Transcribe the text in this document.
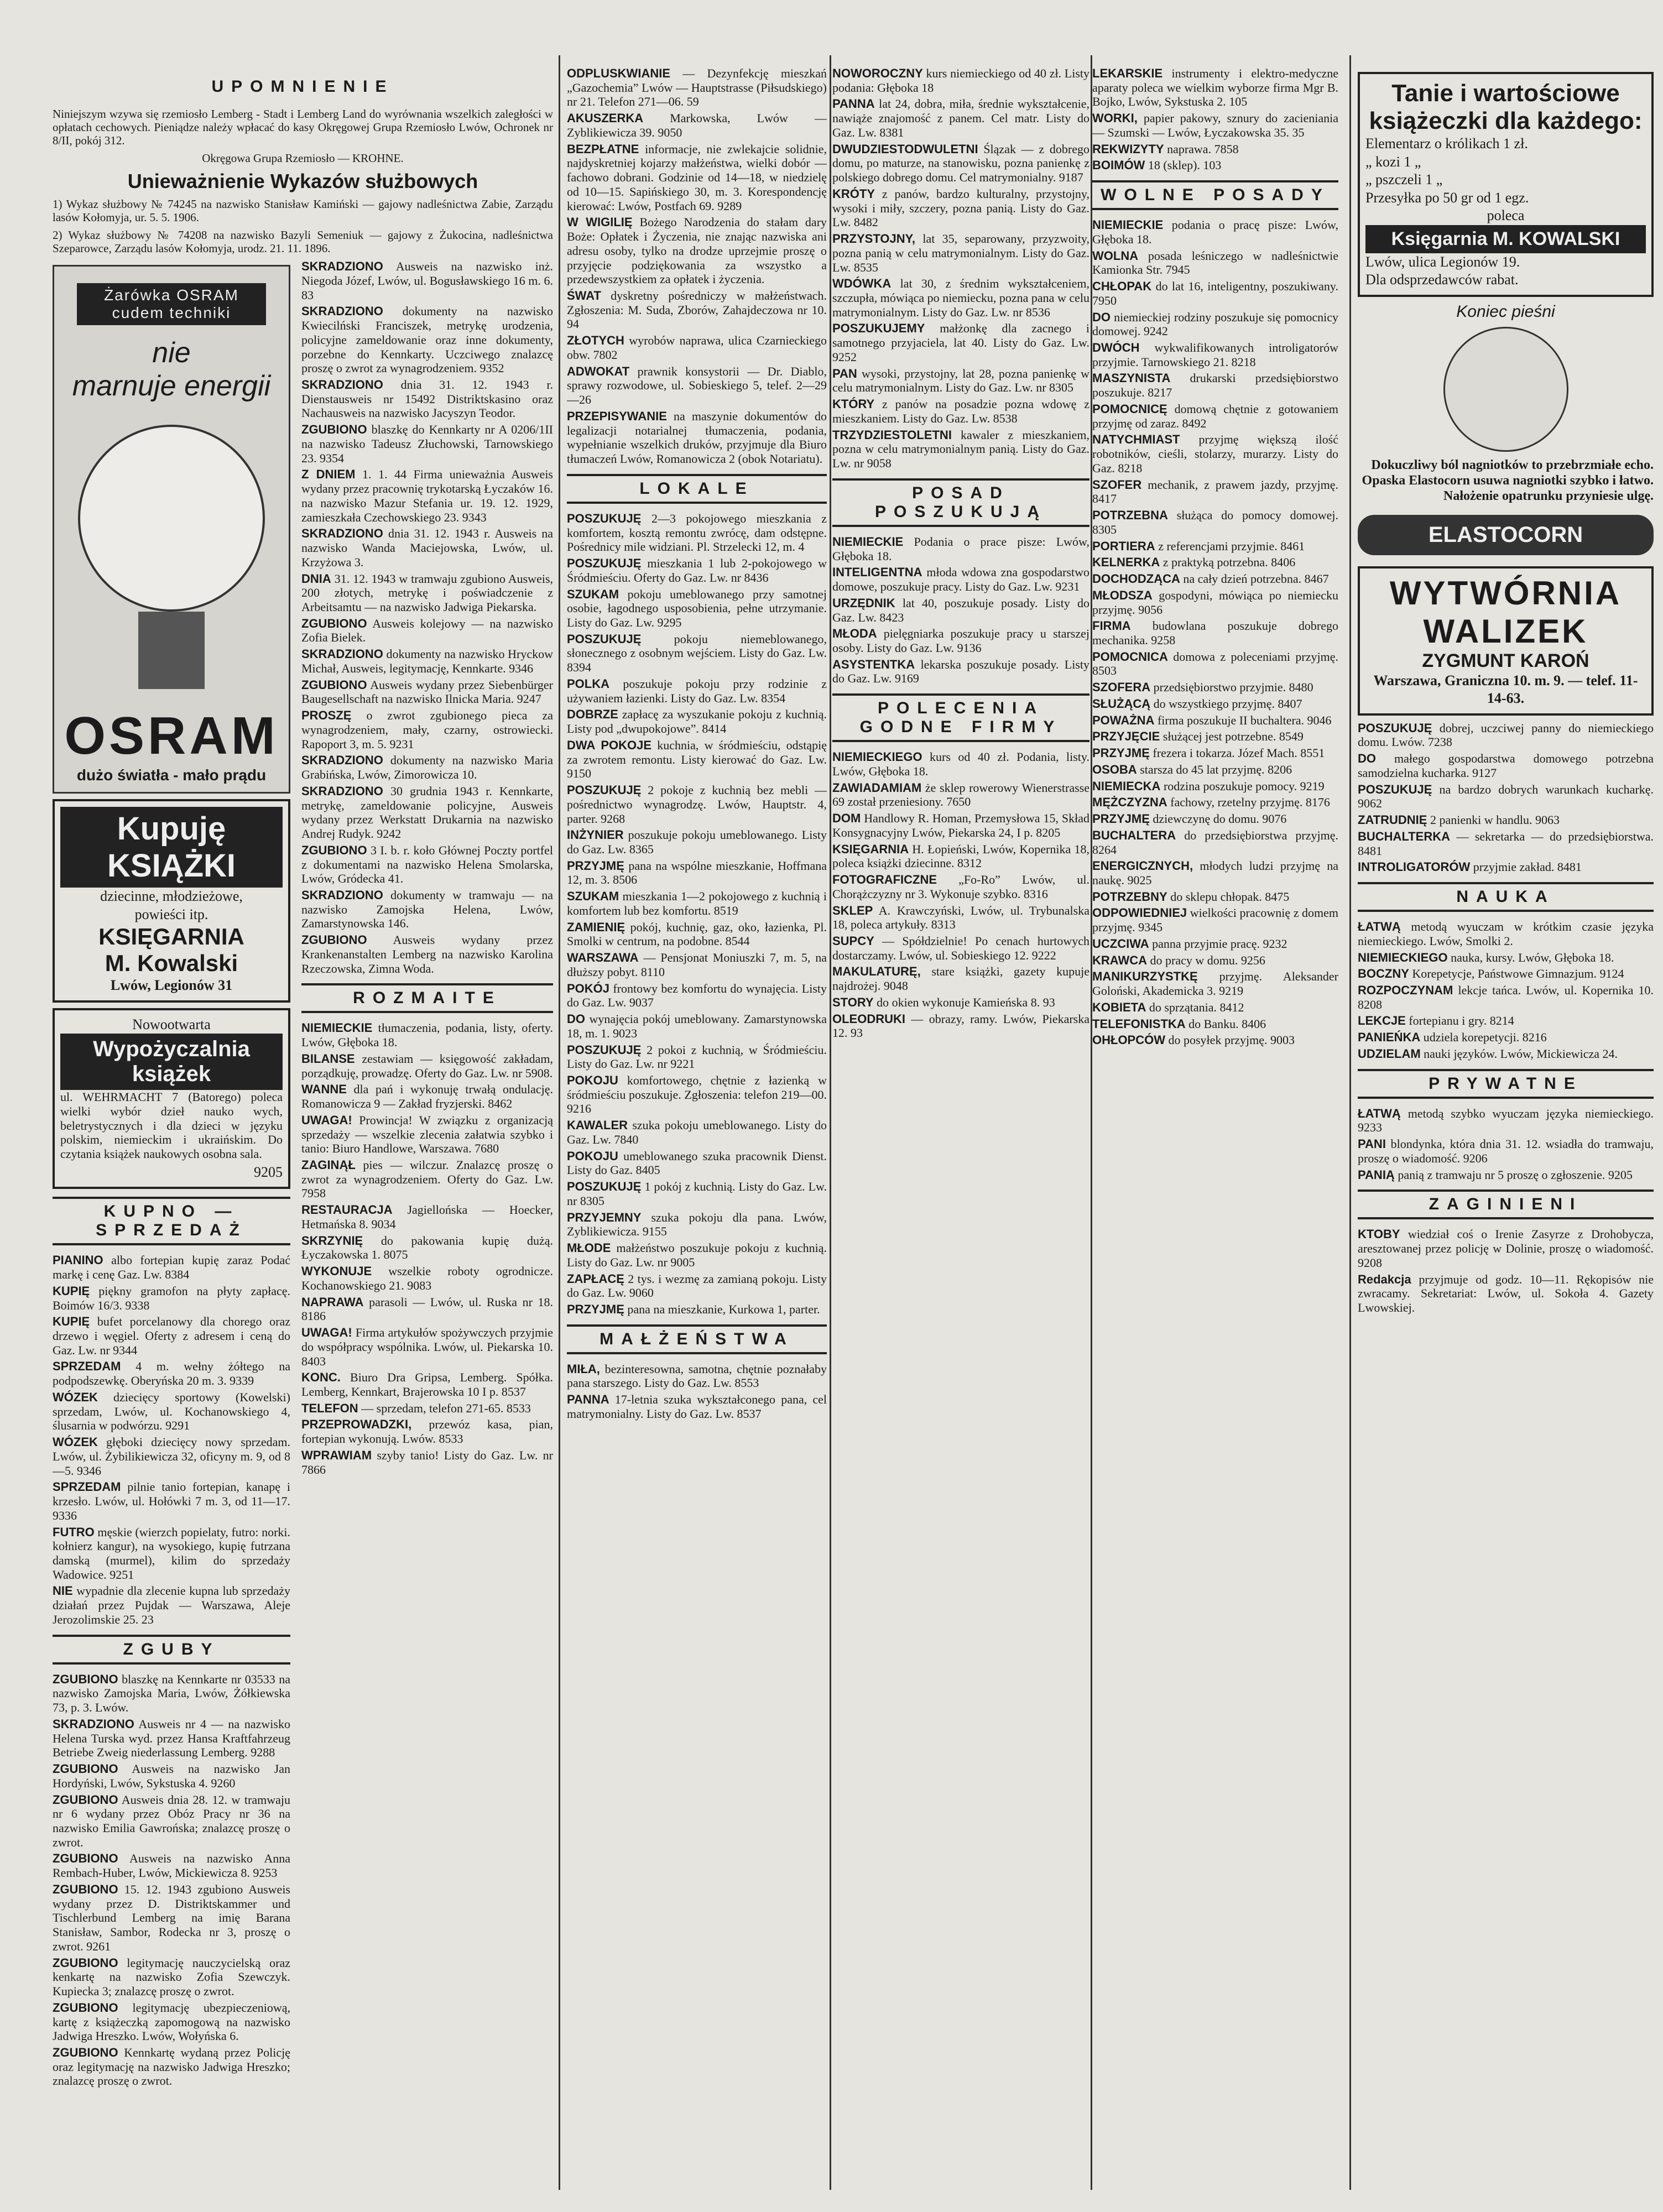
UPOMNIENIE

Niniejszym wzywa się rzemiosło Lemberg - Stadt i Lemberg Land do wyrównania wszelkich zaległości w opłatach cechowych. Pieniądze należy wpłacać do kasy Okręgowej Grupa Rzemiosło Lwów, Ochronek nr 8/II, pokój 312.

Okręgowa Grupa Rzemiosło — KROHNE.

Unieważnienie Wykazów służbowych

1) Wykaz służbowy № 74245 na nazwisko Stanisław Kamiński — gajowy nadleśnictwa Zabie, Zarządu lasów Kołomyja, ur. 5. 5. 1906.

2) Wykaz służbowy № 74208 na nazwisko Bazyli Semeniuk — gajowy z Żukocina, nadleśnictwa Szeparowce, Zarządu lasów Kołomyja, urodz. 21. 11. 1896.

Żarówka OSRAM cudem techniki
nie
marnuje energii
OSRAM
dużo światła - mało prądu
Kupuję KSIĄŻKI
dziecinne, młodzieżowe,
powieści itp.
KSIĘGARNIA
M. Kowalski
Lwów, Legionów 31
Nowootwarta
Wypożyczalnia książek

ul. WEHRMACHT 7 (Batorego) poleca wielki wybór dzieł nauko wych, beletrystycznych i dla dzieci w języku polskim, niemieckim i ukraińskim. Do czytania książek naukowych osobna sala.

9205
KUPNO — SPRZEDAŻ

PIANINO albo fortepian kupię zaraz Podać markę i cenę Gaz. Lw. 8384

KUPIĘ piękny gramofon na płyty zapłacę. Boimów 16/3. 9338

KUPIĘ bufet porcelanowy dla chorego oraz drzewo i węgiel. Oferty z adresem i ceną do Gaz. Lw. nr 9344

SPRZEDAM 4 m. wełny żółtego na podpodszewkę. Oberyńska 20 m. 3. 9339

WÓZEK dziecięcy sportowy (Kowelski) sprzedam, Lwów, ul. Kochanowskiego 4, ślusarnia w podwórzu. 9291

WÓZEK głęboki dziecięcy nowy sprzedam. Lwów, ul. Żybilikiewicza 32, oficyny m. 9, od 8—5. 9346

SPRZEDAM pilnie tanio fortepian, kanapę i krzesło. Lwów, ul. Hołówki 7 m. 3, od 11—17. 9336

FUTRO męskie (wierzch popielaty, futro: norki. kołnierz kangur), na wysokiego, kupię futrzana damską (murmel), kilim do sprzedaży Wadowice. 9251

NIE wypadnie dla zlecenie kupna lub sprzedaży działań przez Pujdak — Warszawa, Aleje Jerozolimskie 25. 23

ZGUBY

ZGUBIONO blaszkę na Kennkarte nr 03533 na nazwisko Zamojska Maria, Lwów, Żółkiewska 73, p. 3. Lwów.

SKRADZIONO Ausweis nr 4 — na nazwisko Helena Turska wyd. przez Hansa Kraftfahrzeug Betriebe Zweig niederlassung Lemberg. 9288

ZGUBIONO Ausweis na nazwisko Jan Hordyński, Lwów, Sykstuska 4. 9260

ZGUBIONO Ausweis dnia 28. 12. w tramwaju nr 6 wydany przez Obóz Pracy nr 36 na nazwisko Emilia Gawrońska; znalazcę proszę o zwrot.

ZGUBIONO Ausweis na nazwisko Anna Rembach-Huber, Lwów, Mickiewicza 8. 9253

ZGUBIONO 15. 12. 1943 zgubiono Ausweis wydany przez D. Distriktskammer und Tischlerbund Lemberg na imię Barana Stanisław, Sambor, Rodecka nr 3, proszę o zwrot. 9261

ZGUBIONO legitymację nauczycielską oraz kenkartę na nazwisko Zofia Szewczyk. Kupiecka 3; znalazcę proszę o zwrot.

ZGUBIONO legitymację ubezpieczeniową, kartę z książeczką zapomogową na nazwisko Jadwiga Hreszko. Lwów, Wołyńska 6.

ZGUBIONO Kennkartę wydaną przez Policję oraz legitymację na nazwisko Jadwiga Hreszko; znalazcę proszę o zwrot.

SKRADZIONO Ausweis na nazwisko inż. Niegoda Józef, Lwów, ul. Bogusławskiego 16 m. 6. 83

SKRADZIONO dokumenty na nazwisko Kwiecilński Franciszek, metrykę urodzenia, policyjne zameldowanie oraz inne dokumenty, porzebne do Kennkarty. Uczciwego znalazcę proszę o zwrot za wynagrodzeniem. 9352

SKRADZIONO dnia 31. 12. 1943 r. Dienstausweis nr 15492 Distriktskasino oraz Nachausweis na nazwisko Jacyszyn Teodor.

ZGUBIONO blaszkę do Kennkarty nr A 0206/1II na nazwisko Tadeusz Złuchowski, Tarnowskiego 23. 9354

Z DNIEM 1. 1. 44 Firma unieważnia Ausweis wydany przez pracownię trykotarską Łyczaków 16. na nazwisko Mazur Stefania ur. 19. 12. 1929, zamieszkała Czechowskiego 23. 9343

SKRADZIONO dnia 31. 12. 1943 r. Ausweis na nazwisko Wanda Maciejowska, Lwów, ul. Krzyżowa 3.

DNIA 31. 12. 1943 w tramwaju zgubiono Ausweis, 200 złotych, metrykę i poświadczenie z Arbeitsamtu — na nazwisko Jadwiga Piekarska.

ZGUBIONO Ausweis kolejowy — na nazwisko Zofia Bielek.

SKRADZIONO dokumenty na nazwisko Hryckow Michał, Ausweis, legitymację, Kennkarte. 9346

ZGUBIONO Ausweis wydany przez Siebenbürger Baugesellschaft na nazwisko Ilnicka Maria. 9247

PROSZĘ o zwrot zgubionego pieca za wynagrodzeniem, mały, czarny, ostrowiecki. Rapoport 3, m. 5. 9231

SKRADZIONO dokumenty na nazwisko Maria Grabińska, Lwów, Zimorowicza 10.

SKRADZIONO 30 grudnia 1943 r. Kennkarte, metrykę, zameldowanie policyjne, Ausweis wydany przez Werkstatt Drukarnia na nazwisko Andrej Rudyk. 9242

ZGUBIONO 3 I. b. r. koło Głównej Poczty portfel z dokumentami na nazwisko Helena Smolarska, Lwów, Gródecka 41.

SKRADZIONO dokumenty w tramwaju — na nazwisko Zamojska Helena, Lwów, Zamarstynowska 146.

ZGUBIONO Ausweis wydany przez Krankenanstalten Lemberg na nazwisko Karolina Rzeczowska, Zimna Woda.

ROZMAITE

NIEMIECKIE tłumaczenia, podania, listy, oferty. Lwów, Głęboka 18.

BILANSE zestawiam — księgowość zakładam, porządkuję, prowadzę. Oferty do Gaz. Lw. nr 5908.

WANNE dla pań i wykonuję trwałą ondulację. Romanowicza 9 — Zakład fryzjerski. 8462

UWAGA! Prowincja! W związku z organizacją sprzedaży — wszelkie zlecenia załatwia szybko i tanio: Biuro Handlowe, Warszawa. 7680

ZAGINĄŁ pies — wilczur. Znalazcę proszę o zwrot za wynagrodzeniem. Oferty do Gaz. Lw. 7958

RESTAURACJA Jagiellońska — Hoecker, Hetmańska 8. 9034

SKRZYNIĘ do pakowania kupię dużą. Łyczakowska 1. 8075

WYKONUJE wszelkie roboty ogrodnicze. Kochanowskiego 21. 9083

NAPRAWA parasoli — Lwów, ul. Ruska nr 18. 8186

UWAGA! Firma artykułów spożywczych przyjmie do współpracy wspólnika. Lwów, ul. Piekarska 10. 8403

KONC. Biuro Dra Gripsa, Lemberg. Spółka. Lemberg, Kennkart, Brajerowska 10 I p. 8537

TELEFON — sprzedam, telefon 271-65. 8533

PRZEPROWADZKI, przewóz kasa, pian, fortepian wykonują. Lwów. 8533

WPRAWIAM szyby tanio! Listy do Gaz. Lw. nr 7866

ODPLUSKWIANIE — Dezynfekcję mieszkań „Gazochemia” Lwów — Hauptstrasse (Piłsudskiego) nr 21. Telefon 271—06. 59

AKUSZERKA Markowska, Lwów — Zyblikiewicza 39. 9050

BEZPŁATNE informacje, nie zwlekajcie solidnie, najdyskretniej kojarzy małżeństwa, wielki dobór — fachowo dobrani. Godzinie od 14—18, w niedzielę od 10—15. Sapińskiego 30, m. 3. Korespondencję kierować: Lwów, Postfach 69. 9289

W WIGILIĘ Bożego Narodzenia do stałam dary Boże: Opłatek i Życzenia, nie znając nazwiska ani adresu osoby, tylko na drodze uprzejmie proszę o przyjęcie podziękowania za wszystko a przedewszystkiem za opłatek i życzenia.

ŚWAT dyskretny pośredniczy w małżeństwach. Zgłoszenia: M. Suda, Zborów, Zahajdeczowa nr 10. 94

ZŁOTYCH wyrobów naprawa, ulica Czarnieckiego obw. 7802

ADWOKAT prawnik konsystorii — Dr. Diablo, sprawy rozwodowe, ul. Sobieskiego 5, telef. 2—29—26

PRZEPISYWANIE na maszynie dokumentów do legalizacji notarialnej tłumaczenia, podania, wypełnianie wszelkich druków, przyjmuje dla Biuro tłumaczeń Lwów, Romanowicza 2 (obok Notariatu).

LOKALE

POSZUKUJĘ 2—3 pokojowego mieszkania z komfortem, kosztą remontu zwrócę, dam odstępne. Pośrednicy mile widziani. Pl. Strzelecki 12, m. 4

POSZUKUJĘ mieszkania 1 lub 2-pokojowego w Śródmieściu. Oferty do Gaz. Lw. nr 8436

SZUKAM pokoju umeblowanego przy samotnej osobie, łagodnego usposobienia, pełne utrzymanie. Listy do Gaz. Lw. 9295

POSZUKUJĘ	pokoju niemeblowanego, słonecznego z osobnym wejściem. Listy do Gaz. Lw. 8394

POLKA poszukuje pokoju przy rodzinie z używaniem łazienki. Listy do Gaz. Lw. 8354

DOBRZE zapłacę za wyszukanie pokoju z kuchnią. Listy pod „dwupokojowe”. 8414

DWA POKOJE kuchnia, w śródmieściu, odstąpię za zwrotem remontu. Listy kierować do Gaz. Lw. 9150

POSZUKUJĘ 2 pokoje z kuchnią bez mebli — pośrednictwo wynagrodzę. Lwów, Hauptstr. 4, parter. 9268

INŻYNIER poszukuje pokoju umeblowanego. Listy do Gaz. Lw. 8365

PRZYJMĘ pana na wspólne mieszkanie, Hoffmana 12, m. 3. 8506

SZUKAM mieszkania 1—2 pokojowego z kuchnią i komfortem lub bez komfortu. 8519

ZAMIENIĘ pokój, kuchnię, gaz, oko, łazienka, Pl. Smolki w centrum, na podobne. 8544

WARSZAWA — Pensjonat Moniuszki 7, m. 5, na dłuższy pobyt. 8110

POKÓJ frontowy bez komfortu do wynajęcia. Listy do Gaz. Lw. 9037

DO wynajęcia pokój umeblowany. Zamarstynowska 18, m. 1. 9023

POSZUKUJĘ 2 pokoi z kuchnią, w Śródmieściu. Listy do Gaz. Lw. nr 9221

POKOJU komfortowego, chętnie z łazienką w śródmieściu poszukuje. Zgłoszenia: telefon 219—00. 9216

KAWALER szuka pokoju umeblowanego. Listy do Gaz. Lw. 7840

POKOJU umeblowanego szuka pracownik Dienst. Listy do Gaz. 8405

POSZUKUJĘ 1 pokój z kuchnią. Listy do Gaz. Lw. nr 8305

PRZYJEMNY szuka pokoju dla pana. Lwów, Zyblikiewicza. 9155

MŁODE małżeństwo poszukuje pokoju z kuchnią. Listy do Gaz. Lw. nr 9005

ZAPŁACĘ 2 tys. i wezmę za zamianą pokoju. Listy do Gaz. Lw. 9060

PRZYJMĘ pana na mieszkanie, Kurkowa 1, parter.

MAŁŻEŃSTWA

MIŁA, bezinteresowna, samotna, chętnie poznałaby pana starszego. Listy do Gaz. Lw. 8553

PANNA 17-letnia szuka wykształconego pana, cel matrymonialny. Listy do Gaz. Lw. 8537

NOWOROCZNY kurs niemieckiego od 40 zł. Listy podania: Głęboka 18

PANNA lat 24, dobra, miła, średnie wykształcenie, nawiąże znajomość z panem. Cel matr. Listy do Gaz. Lw. 8381

DWUDZIESTODWULETNI Ślązak — z dobrego domu, po maturze, na stanowisku, pozna panienkę z polskiego dobrego domu. Cel matrymonialny. 9187

KRÓTY z panów, bardzo kulturalny, przystojny, wysoki i miły, szczery, pozna panią. Listy do Gaz. Lw. 8482

PRZYSTOJNY, lat 35, separowany, przyzwoity, pozna panią w celu matrymonialnym. Listy do Gaz. Lw. 8535

WDÓWKA lat 30, z średnim wykształceniem, szczupła, mówiąca po niemiecku, pozna pana w celu matrymonialnym. Listy do Gaz. Lw. nr 8536

POSZUKUJEMY małżonkę dla zacnego i samotnego przyjaciela, lat 40. Listy do Gaz. Lw. 9252

PAN wysoki, przystojny, lat 28, pozna panienkę w celu matrymonialnym. Listy do Gaz. Lw. nr 8305

KTÓRY z panów na posadzie pozna wdowę z mieszkaniem. Listy do Gaz. Lw. 8538

TRZYDZIESTOLETNI kawaler z mieszkaniem, pozna w celu matrymonialnym panią. Listy do Gaz. Lw. nr 9058

POSAD POSZUKUJĄ

NIEMIECKIE Podania o prace pisze: Lwów, Głęboka 18.

INTELIGENTNA młoda wdowa zna gospodarstwo domowe, poszukuje pracy. Listy do Gaz. Lw. 9231

URZĘDNIK lat 40, poszukuje posady. Listy do Gaz. Lw. 8423

MŁODA pielęgniarka poszukuje pracy u starszej osoby. Listy do Gaz. Lw. 9136

ASYSTENTKA lekarska poszukuje posady. Listy do Gaz. Lw. 9169

POLECENIA GODNE FIRMY

NIEMIECKIEGO kurs od 40 zł. Podania, listy. Lwów, Głęboka 18.

ZAWIADAMIAM że sklep rowerowy Wienerstrasse 69 został przeniesiony. 7650

DOM Handlowy R. Homan, Przemysłowa 15, Skład Konsygnacyjny Lwów, Piekarska 24, I p. 8205

KSIĘGARNIA H. Łopieński, Lwów, Kopernika 18, poleca książki dziecinne. 8312

FOTOGRAFICZNE „Fo-Ro” Lwów, ul. Chorążczyzny nr 3. Wykonuje szybko. 8316

SKLEP A. Krawczyński, Lwów, ul. Trybunalska 18, poleca artykuły. 8313

SUPCY — Spółdzielnie! Po cenach hurtowych dostarczamy. Lwów, ul. Sobieskiego 12. 9222

MAKULATURĘ, stare książki, gazety kupuje najdrożej. 9048

STORY do okien wykonuje Kamieńska 8. 93

OLEODRUKI — obrazy, ramy. Lwów, Piekarska 12. 93

LEKARSKIE instrumenty i elektro-medyczne aparaty poleca we wielkim wyborze firma Mgr B. Bojko, Lwów, Sykstuska 2. 105

WORKI, papier pakowy, sznury do zacieniania — Szumski — Lwów, Łyczakowska 35. 35

REKWIZYTY naprawa. 7858

BOIMÓW 18 (sklep). 103

WOLNE POSADY

NIEMIECKIE podania o pracę pisze: Lwów, Głęboka 18.

WOLNA posada leśniczego w nadleśnictwie Kamionka Str. 7945

CHŁOPAK do lat 16, inteligentny, poszukiwany. 7950

DO niemieckiej rodziny poszukuje się pomocnicy domowej. 9242

DWÓCH wykwalifikowanych introligatorów przyjmie. Tarnowskiego 21. 8218

MASZYNISTA drukarski przedsiębiorstwo poszukuje. 8217

POMOCNICĘ domową chętnie z gotowaniem przyjmę od zaraz. 8492

NATYCHMIAST przyjmę większą ilość robotników, cieśli, stolarzy, murarzy. Listy do Gaz. 8218

SZOFER mechanik, z prawem jazdy, przyjmę. 8417

POTRZEBNA służąca do pomocy domowej. 8305

PORTIERA z referencjami przyjmie. 8461

KELNERKA z praktyką potrzebna. 8406

DOCHODZĄCA na cały dzień potrzebna. 8467

MŁODSZA gospodyni, mówiąca po niemiecku przyjmę. 9056

FIRMA budowlana poszukuje dobrego mechanika. 9258

POMOCNICA domowa z poleceniami przyjmę. 8503

SZOFERA przedsiębiorstwo przyjmie. 8480

SŁUŻĄCĄ do wszystkiego przyjmę. 8407

POWAŻNA firma poszukuje II buchaltera. 9046

PRZYJĘCIE służącej jest potrzebne. 8549

PRZYJMĘ frezera i tokarza. Józef Mach. 8551

OSOBA starsza do 45 lat przyjmę. 8206

NIEMIECKA rodzina poszukuje pomocy. 9219

MĘŻCZYZNA fachowy, rzetelny przyjmę. 8176

PRZYJMĘ dziewczynę do domu. 9076

BUCHALTERA do przedsiębiorstwa przyjmę. 8264

ENERGICZNYCH, młodych ludzi przyjmę na naukę. 9025

POTRZEBNY do sklepu chłopak. 8475

ODPOWIEDNIEJ wielkości pracownię z domem przyjmę. 9345

UCZCIWA panna przyjmie pracę. 9232

KRAWCA do pracy w domu. 9256

MANIKURZYSTKĘ przyjmę. Aleksander Goloński, Akademicka 3. 9219

KOBIETA do sprzątania. 8412

TELEFONISTKA do Banku. 8406

OHŁOPCÓW do posyłek przyjmę. 9003

Tanie i wartościowe książeczki dla każdego:
Elementarz o królikach 1 zł.
„ kozi 1 „
„ pszczeli 1 „
Przesyłka po 50 gr od 1 egz.
poleca
Księgarnia M. KOWALSKI
Lwów, ulica Legionów 19.
Dla odsprzedawców rabat.
Koniec pieśni

Dokuczliwy ból nagniotków to przebrzmiałe echo. Opaska Elastocorn usuwa nagniotki szybko i łatwo. Nałożenie opatrunku przyniesie ulgę.

ELASTOCORN
WYTWÓRNIA WALIZEK
ZYGMUNT KAROŃ
Warszawa, Graniczna 10. m. 9. — telef. 11-14-63.

POSZUKUJĘ dobrej, uczciwej panny do niemieckiego domu. Lwów. 7238

DO małego gospodarstwa domowego potrzebna samodzielna kucharka. 9127

POSZUKUJĘ na bardzo dobrych warunkach kucharkę. 9062

ZATRUDNIĘ 2 panienki w handlu. 9063

BUCHALTERKA — sekretarka — do przedsiębiorstwa. 8481

INTROLIGATORÓW przyjmie zakład. 8481

NAUKA

ŁATWĄ metodą wyuczam w krótkim czasie języka niemieckiego. Lwów, Smolki 2.

NIEMIECKIEGO nauka, kursy. Lwów, Głęboka 18.

BOCZNY Korepetycje, Państwowe Gimnazjum. 9124

ROZPOCZYNAM lekcje tańca. Lwów, ul. Kopernika 10. 8208

LEKCJE fortepianu i gry. 8214

PANIEŃKA udziela korepetycji. 8216

UDZIELAM nauki języków. Lwów, Mickiewicza 24.

PRYWATNE

ŁATWĄ metodą szybko wyuczam języka niemieckiego. 9233

PANI blondynka, która dnia 31. 12. wsiadła do tramwaju, proszę o wiadomość. 9206

PANIĄ panią z tramwaju nr 5 proszę o zgłoszenie. 9205

ZAGINIENI

KTOBY wiedział coś o Irenie Zasyrze z Drohobycza, aresztowanej przez policję w Dolinie, proszę o wiadomość. 9208

Redakcja przyjmuje od godz. 10—11. Rękopisów nie zwracamy. Sekretariat: Lwów, ul. Sokoła 4. Gazety Lwowskiej.
